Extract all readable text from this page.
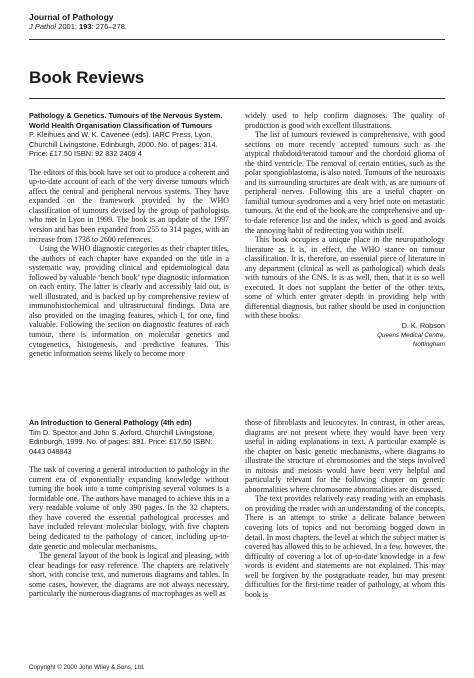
Journal of Pathology
J Pathol 2001; 193: 276–278.
Book Reviews

Pathology & Genetics. Tumours of the Nervous System. World Health Organisation Classification of Tumours

P. Kleihues and W. K. Cavenee (eds). IARC Press, Lyon, Churchill Livingstone, Edinburgh, 2000. No. of pages: 314. Price: £17.50 ISBN: 92 832 2409 4

The editors of this book have set out to produce a coherent and up-to-date account of each of the very diverse tumours which affect the central and peripheral nervous systems. They have expanded on the framework provided by the WHO classification of tumours devised by the group of pathologists who met in Lyon in 1999. The book is an update of the 1997 version and has been expanded from 255 to 314 pages, with an increase from 1738 to 2600 references.

Using the WHO diagnostic categories as their chapter titles, the authors of each chapter have expanded on the title in a systematic way, providing clinical and epidemiological data followed by valuable ‘bench book’ type diagnostic information on each entity. The latter is clearly and accessibly laid out, is well illustrated, and is backed up by comprehensive review of immunohistochemical and ultrastructural findings. Data are also provided on the imaging features, which I, for one, find valuable. Following the section on diagnostic features of each tumour, there is information on molecular genetics and cytogenetics, histogenesis, and predictive features. This genetic information seems likely to become more

widely used to help confirm diagnoses. The quality of production is good with excellent illustrations.

The list of tumours reviewed is comprehensive, with good sections on more recently accepted tumours such as the atypical rhabdoid/teratoid tumour and the chordoid glioma of the third ventricle. The removal of certain entities, such as the polar spongioblastoma, is also noted. Tumours of the neuroaxis and its surrounding structures are dealt with, as are tumours of peripheral nerves. Following this are a useful chapter on familial tumour syndromes and a very brief note on metastatic tumours. At the end of the book are the comprehensive and up-to-date reference list and the index, which is good and avoids the annoying habit of redirecting you within itself.

This book occupies a unique place in the neuropathology literature as it is, in effect, the WHO stance on tumour classification. It is, therefore, an essential piece of literature in any department (clinical as well as pathological) which deals with tumours of the CNS. It is as well, then, that it is so well executed. It does not supplant the better of the other texts, some of which enter greater depth in providing help with differential diagnosis, but rather should be used in conjunction with these books.

D. K. Robson
Queens Medical Centre,
Nottingham

An Introduction to General Pathology (4th edn)

Tim D. Spector and John S. Axford. Churchill Livingstone, Edinburgh, 1999. No. of pages: 391. Price: £17.50 ISBN: 0443 048843

The task of covering a general introduction to pathology in the current era of exponentially expanding knowledge without turning the book into a tome comprising several volumes is a formidable one. The authors have managed to achieve this in a very readable volume of only 390 pages. In the 32 chapters, they have covered the essential pathological processes and have included relevant molecular biology, with five chapters being dedicated to the pathology of cancer, including up-to-date genetic and molecular mechanisms.

The general layout of the book is logical and pleasing, with clear headings for easy reference. The chapters are relatively short, with concise text, and numerous diagrams and tables. In some cases, however, the diagrams are not always necessary, particularly the numerous diagrams of macrophages as well as

those of fibroblasts and leucocytes. In contrast, in other areas, diagrams are not present where they would have been very useful in aiding explanations in text. A particular example is the chapter on basic genetic mechanisms, where diagrams to illustrate the structure of chromosomes and the steps involved in mitosis and meiosis would have been very helpful and particularly relevant for the following chapter on genetic abnormalities where chromosome abnormalities are discussed.

The text provides relatively easy reading with an emphasis on providing the reader with an understanding of the concepts. There is an attempt to strike a delicate balance between covering lots of topics and not becoming bogged down in detail. In most chapters, the level at which the subject matter is covered has allowed this to be achieved. In a few, however, the difficulty of covering a lot of up-to-date knowledge in a few words is evident and statements are not explained. This may well be forgiven by the postgraduate reader, but may present difficulties for the first-time reader of pathology, at whom this book is

Copyright © 2000 John Wiley & Sons, Ltd.
